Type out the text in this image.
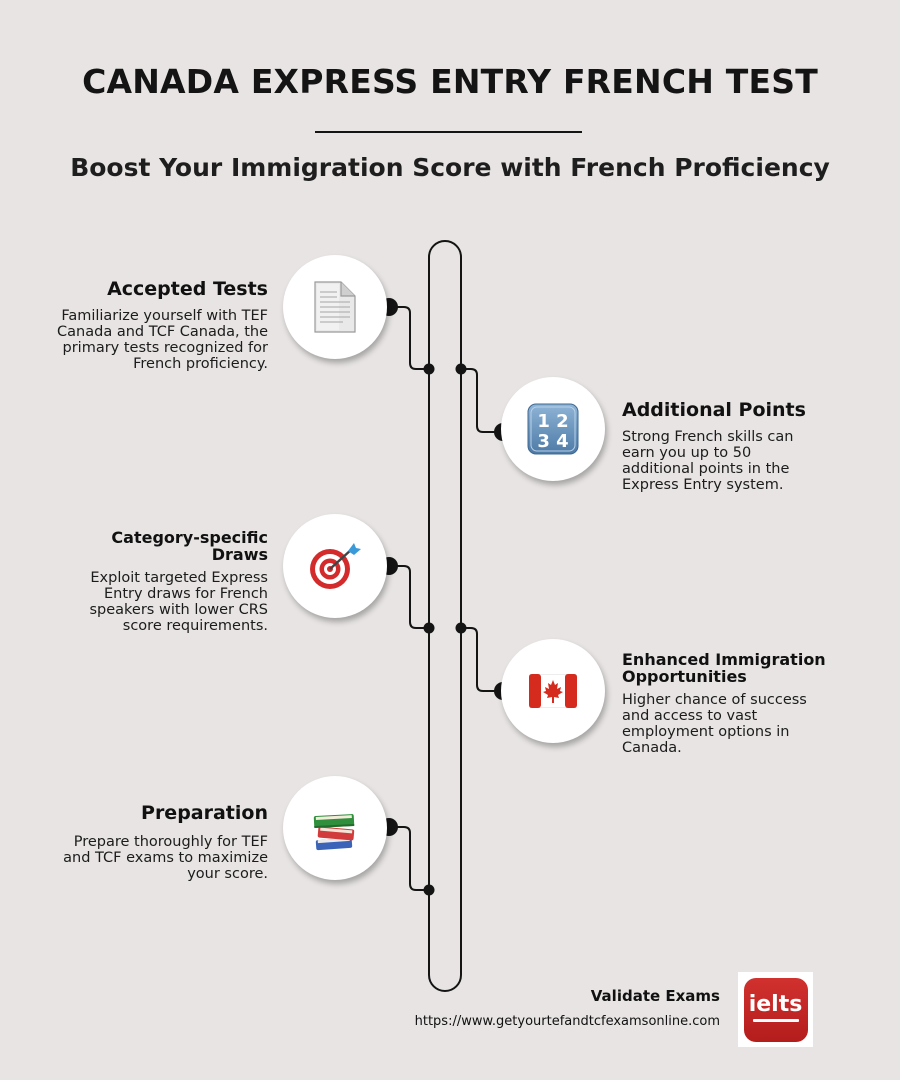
CANADA EXPRESS ENTRY FRENCH TEST
Boost Your Immigration Score with French Proficiency
Accepted Tests

Familiarize yourself with TEF Canada and TCF Canada, the primary tests recognized for French proficiency.

1 2
3 4
Additional Points

Strong French skills can earn you up to 50 additional points in the Express Entry system.

Category-specific Draws

Exploit targeted Express Entry draws for French speakers with lower CRS score requirements.

Enhanced Immigration Opportunities

Higher chance of success and access to vast employment options in Canada.

Preparation

Prepare thoroughly for TEF and TCF exams to maximize your score.

Validate Exams
https://www.getyourtefandtcfexamsonline.com
ielts
